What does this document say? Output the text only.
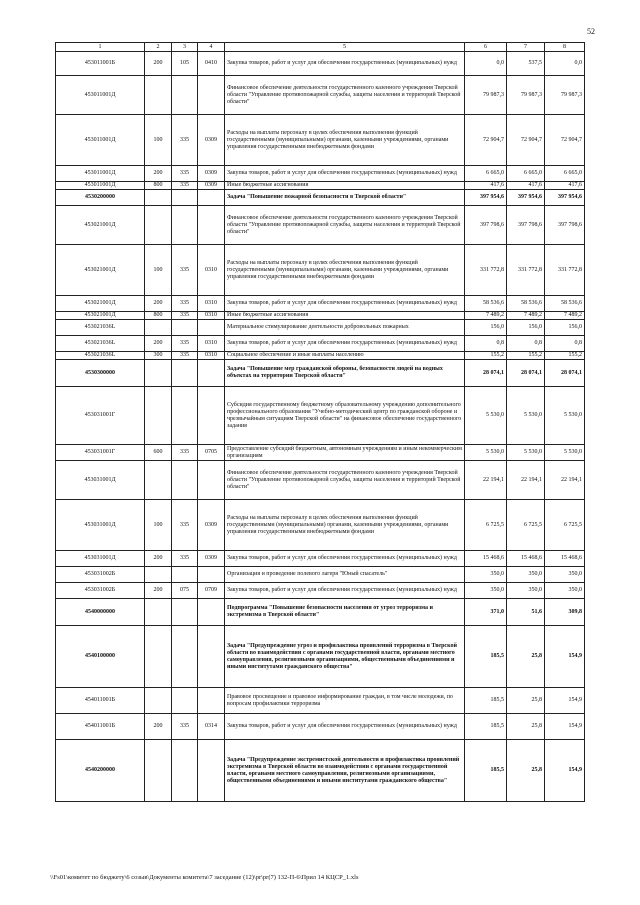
52
1	2	3	4	5	6	7	8
453011001Б	200	105	0410	Закупка товаров, работ и услуг для обеспечения государственных (муниципальных) нужд	0,0	537,5	0,0
453011001Д				Финансовое обеспечение деятельности государственного казенного учреждения Тверской области "Управление противопожарной службы, защиты населения и территорий Тверской области"	79 987,3	79 987,3	79 987,3
453011001Д	100	335	0309	Расходы на выплаты персоналу в целях обеспечения выполнения функций государственными (муниципальными) органами, казенными учреждениями, органами управления государственными внебюджетными фондами	72 904,7	72 904,7	72 904,7
453011001Д	200	335	0309	Закупка товаров, работ и услуг для обеспечения государственных (муниципальных) нужд	6 665,0	6 665,0	6 665,0
453011001Д	800	335	0309	Иные бюджетные ассигнования	417,6	417,6	417,6
4530200000				Задача "Повышение пожарной безопасности в Тверской области"	397 954,6	397 954,6	397 954,6
453021001Д				Финансовое обеспечение деятельности государственного казенного учреждения Тверской области "Управление противопожарной службы, защиты населения и территорий Тверской области"	397 798,6	397 798,6	397 798,6
453021001Д	100	335	0310	Расходы на выплаты персоналу в целях обеспечения выполнения функций государственными (муниципальными) органами, казенными учреждениями, органами управления государственными внебюджетными фондами	331 772,8	331 772,8	331 772,8
453021001Д	200	335	0310	Закупка товаров, работ и услуг для обеспечения государственных (муниципальных) нужд	58 536,6	58 536,6	58 536,6
453021001Д	800	335	0310	Иные бюджетные ассигнования	7 489,2	7 489,2	7 489,2
453021036L				Материальное стимулирование деятельности добровольных пожарных	156,0	156,0	156,0
453021036L	200	335	0310	Закупка товаров, работ и услуг для обеспечения государственных (муниципальных) нужд	0,8	0,8	0,8
453021036L	300	335	0310	Социальное обеспечение и иные выплаты населению	155,2	155,2	155,2
4530300000				Задача "Повышение мер гражданской обороны, безопасности людей на водных объектах на территории Тверской области"	28 074,1	28 074,1	28 074,1
453031001Г				Субсидия государственному бюджетному образовательному учреждению дополнительного профессионального образования "Учебно-методический центр по гражданской обороне и чрезвычайным ситуациям Тверской области" на финансовое обеспечение государственного задания	5 530,0	5 530,0	5 530,0
453031001Г	600	335	0705	Предоставление субсидий бюджетным, автономным учреждениям и иным некоммерческим организациям	5 530,0	5 530,0	5 530,0
453031001Д				Финансовое обеспечение деятельности государственного казенного учреждения Тверской области "Управление противопожарной службы, защиты населения и территорий Тверской области"	22 194,1	22 194,1	22 194,1
453031001Д	100	335	0309	Расходы на выплаты персоналу в целях обеспечения выполнения функций государственными (муниципальными) органами, казенными учреждениями, органами управления государственными внебюджетными фондами	6 725,5	6 725,5	6 725,5
453031001Д	200	335	0309	Закупка товаров, работ и услуг для обеспечения государственных (муниципальных) нужд	15 468,6	15 468,6	15 468,6
453031002Б				Организация и проведение полевого лагеря "Юный спасатель"	350,0	350,0	350,0
453031002Б	200	075	0709	Закупка товаров, работ и услуг для обеспечения государственных (муниципальных) нужд	350,0	350,0	350,0
4540000000				Подпрограмма "Повышение безопасности населения от угроз терроризма и экстремизма в Тверской области"	371,0	51,6	309,8
4540100000				Задача "Предупреждение угроз и профилактика проявлений терроризма в Тверской области во взаимодействии с органами государственной власти, органами местного самоуправления, религиозными организациями, общественными объединениями и иными институтами гражданского общества"	185,5	25,8	154,9
454011001Б				Правовое просвещение и правовое информирование граждан, в том числе молодежи, по вопросам профилактики терроризма	185,5	25,8	154,9
454011001Б	200	335	0314	Закупка товаров, работ и услуг для обеспечения государственных (муниципальных) нужд	185,5	25,8	154,9
4540200000				Задача "Предупреждение экстремистской деятельности и профилактика проявлений экстремизма в Тверской области во взаимодействии с органами государственной власти, органами местного самоуправления, религиозными организациями, общественными объединениями и иными институтами гражданского общества"	185,5	25,8	154,9
\\Fs01\комитет по бюджету\6 созыв\Документы комитета\7 заседание (12)\pr\pr(7) 132-П-6\Прил 14 КЦСР_1.xls
